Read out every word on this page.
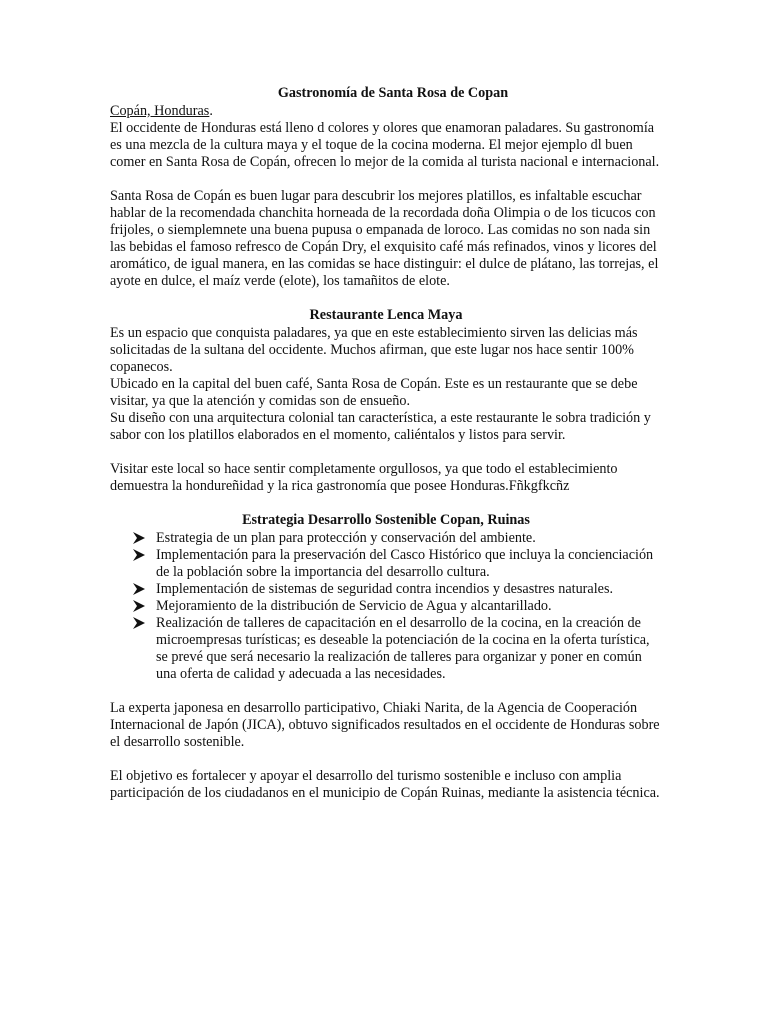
Gastronomía de Santa Rosa de Copan
Copán, Honduras.

El occidente de Honduras está lleno d colores y olores que enamoran paladares. Su gastronomía es una mezcla de la cultura maya y el toque de la cocina moderna. El mejor ejemplo dl buen comer en Santa Rosa de Copán, ofrecen lo mejor de la comida al turista nacional e internacional.

Santa Rosa de Copán es buen lugar para descubrir los mejores platillos, es infaltable escuchar hablar de la recomendada chanchita horneada de la recordada doña Olimpia o de los ticucos con frijoles, o siemplemnete una buena pupusa o empanada de loroco. Las comidas no son nada sin las bebidas el famoso refresco de Copán Dry, el exquisito café más refinados, vinos y licores del aromático, de igual manera, en las comidas se hace distinguir: el dulce de plátano, las torrejas, el ayote en dulce, el maíz verde (elote), los tamañitos de elote.

Restaurante Lenca Maya

Es un espacio que conquista paladares, ya que en este establecimiento sirven las delicias más solicitadas de la sultana del occidente. Muchos afirman, que este lugar nos hace sentir 100% copanecos.

Ubicado en la capital del buen café, Santa Rosa de Copán. Este es un restaurante que se debe visitar, ya que la atención y comidas son de ensueño.

Su diseño con una arquitectura colonial tan característica, a este restaurante le sobra tradición y sabor con los platillos elaborados en el momento, caliéntalos y listos para servir.

Visitar este local so hace sentir completamente orgullosos, ya que todo el establecimiento demuestra la hondureñidad y la rica gastronomía que posee Honduras.Fñkgfkcñz

Estrategia Desarrollo Sostenible Copan, Ruinas
Estrategia de un plan para protección y conservación del ambiente.
Implementación para la preservación del Casco Histórico que incluya la concienciación de la población sobre la importancia del desarrollo cultura.
Implementación de sistemas de seguridad contra incendios y desastres naturales.
Mejoramiento de la distribución de Servicio de Agua y alcantarillado.
Realización de talleres de capacitación en el desarrollo de la cocina, en la creación de microempresas turísticas; es deseable la potenciación de la cocina en la oferta turística, se prevé que será necesario la realización de talleres para organizar y poner en común una oferta de calidad y adecuada a las necesidades.

La experta japonesa en desarrollo participativo, Chiaki Narita, de la Agencia de Cooperación Internacional de Japón (JICA), obtuvo significados resultados en el occidente de Honduras sobre el desarrollo sostenible.

El objetivo es fortalecer y apoyar el desarrollo del turismo sostenible e incluso con amplia participación de los ciudadanos en el municipio de Copán Ruinas, mediante la asistencia técnica.
